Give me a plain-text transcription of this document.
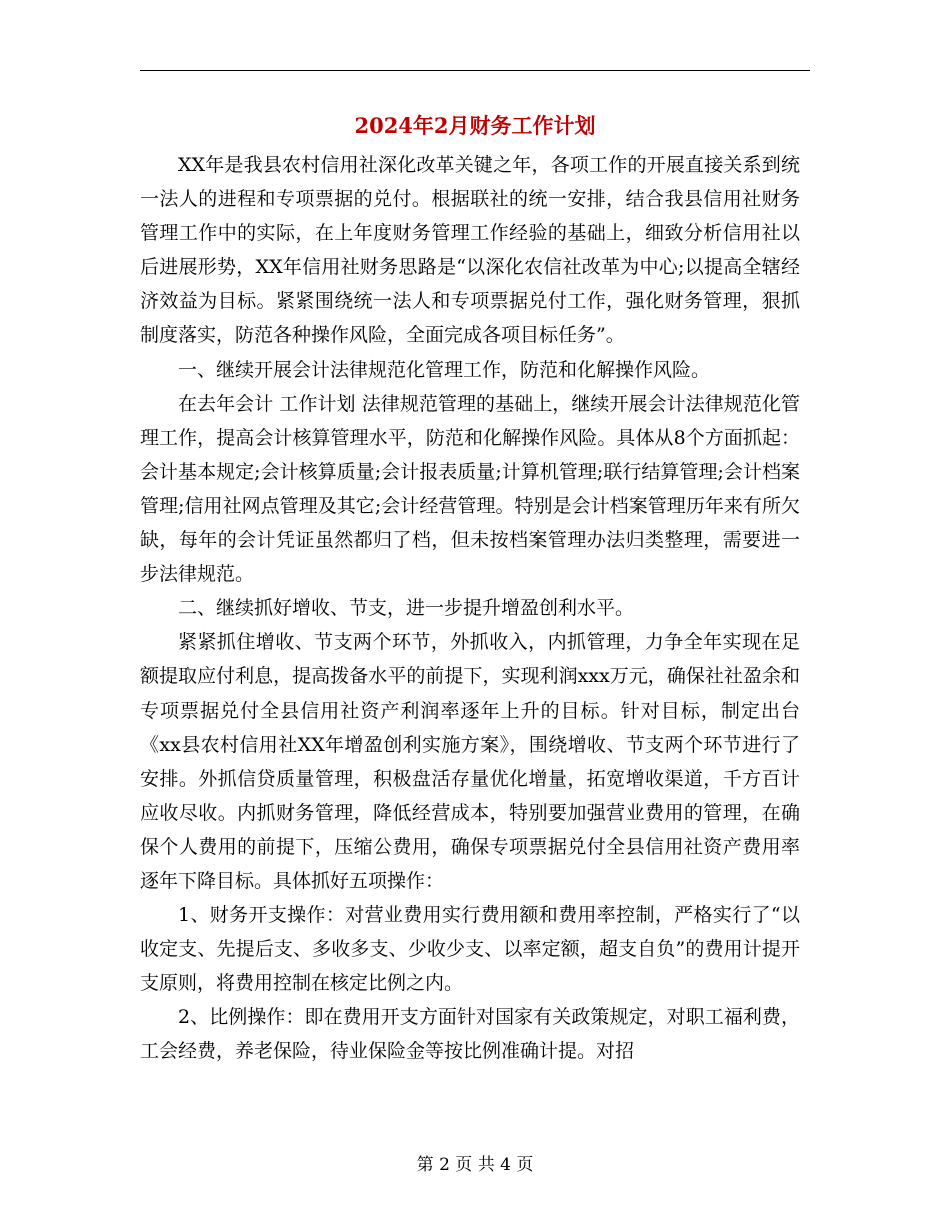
2024年2月财务工作计划

XX年是我县农村信用社深化改革关键之年，各项工作的开展直接关系到统一法人的进程和专项票据的兑付。根据联社的统一安排，结合我县信用社财务管理工作中的实际，在上年度财务管理工作经验的基础上，细致分析信用社以后进展形势，XX年信用社财务思路是“以深化农信社改革为中心;以提高全辖经济效益为目标。紧紧围绕统一法人和专项票据兑付工作，强化财务管理，狠抓制度落实，防范各种操作风险，全面完成各项目标任务”。

一、继续开展会计法律规范化管理工作，防范和化解操作风险。

在去年会计 工作计划 法律规范管理的基础上，继续开展会计法律规范化管理工作，提高会计核算管理水平，防范和化解操作风险。具体从8个方面抓起：会计基本规定;会计核算质量;会计报表质量;计算机管理;联行结算管理;会计档案管理;信用社网点管理及其它;会计经营管理。特别是会计档案管理历年来有所欠缺，每年的会计凭证虽然都归了档，但未按档案管理办法归类整理，需要进一步法律规范。

二、继续抓好增收、节支，进一步提升增盈创利水平。

紧紧抓住增收、节支两个环节，外抓收入，内抓管理，力争全年实现在足额提取应付利息，提高拨备水平的前提下，实现利润xxx万元，确保社社盈余和专项票据兑付全县信用社资产利润率逐年上升的目标。针对目标，制定出台《xx县农村信用社XX年增盈创利实施方案》，围绕增收、节支两个环节进行了安排。外抓信贷质量管理，积极盘活存量优化增量，拓宽增收渠道，千方百计应收尽收。内抓财务管理，降低经营成本，特别要加强营业费用的管理，在确保个人费用的前提下，压缩公费用，确保专项票据兑付全县信用社资产费用率逐年下降目标。具体抓好五项操作：

1、财务开支操作：对营业费用实行费用额和费用率控制，严格实行了“以收定支、先提后支、多收多支、少收少支、以率定额，超支自负”的费用计提开支原则，将费用控制在核定比例之内。

2、比例操作：即在费用开支方面针对国家有关政策规定，对职工福利费，工会经费，养老保险，待业保险金等按比例准确计提。对招

第 2 页 共 4 页
